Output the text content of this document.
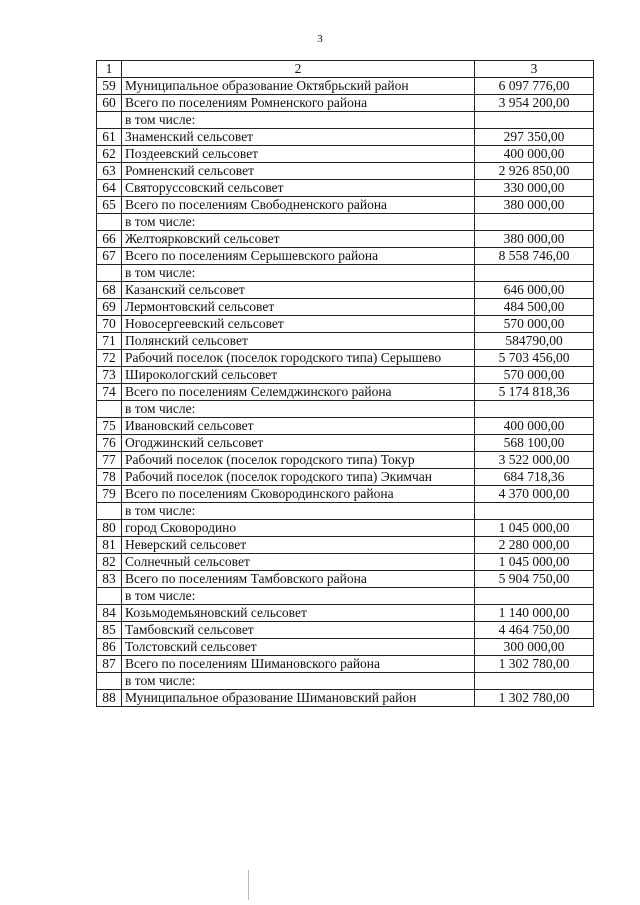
3
1	2	3
59	Муниципальное образование Октябрьский район	6 097 776,00
60	Всего по поселениям Ромненского района	3 954 200,00
	в том числе:	
61	Знаменский сельсовет	297 350,00
62	Поздеевский сельсовет	400 000,00
63	Ромненский сельсовет	2 926 850,00
64	Святоруссовский сельсовет	330 000,00
65	Всего по поселениям Свободненского района	380 000,00
	в том числе:	
66	Желтоярковский сельсовет	380 000,00
67	Всего по поселениям Серышевского района	8 558 746,00
	в том числе:	
68	Казанский сельсовет	646 000,00
69	Лермонтовский сельсовет	484 500,00
70	Новосергеевский сельсовет	570 000,00
71	Полянский сельсовет	584790,00
72	Рабочий поселок (поселок городского типа) Серышево	5 703 456,00
73	Широкологский сельсовет	570 000,00
74	Всего по поселениям Селемджинского района	5 174 818,36
	в том числе:	
75	Ивановский сельсовет	400 000,00
76	Огоджинский сельсовет	568 100,00
77	Рабочий поселок (поселок городского типа) Токур	3 522 000,00
78	Рабочий поселок (поселок городского типа) Экимчан	684 718,36
79	Всего по поселениям Сковородинского района	4 370 000,00
	в том числе:	
80	город Сковородино	1 045 000,00
81	Неверский сельсовет	2 280 000,00
82	Солнечный сельсовет	1 045 000,00
83	Всего по поселениям Тамбовского района	5 904 750,00
	в том числе:	
84	Козьмодемьяновский сельсовет	1 140 000,00
85	Тамбовский сельсовет	4 464 750,00
86	Толстовский сельсовет	300 000,00
87	Всего по поселениям Шимановского района	1 302 780,00
	в том числе:	
88	Муниципальное образование Шимановский район	1 302 780,00
